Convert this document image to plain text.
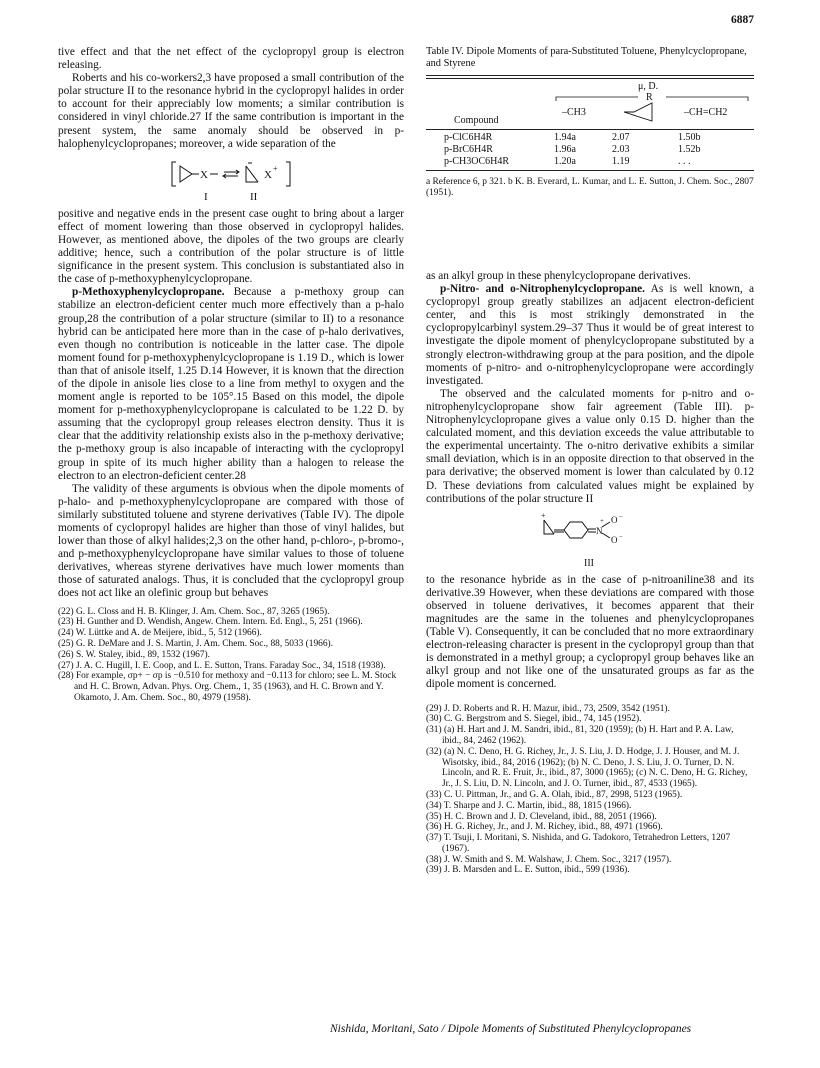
6887

tive effect and that the net effect of the cyclopropyl group is electron releasing.

Roberts and his co-workers2,3 have proposed a small contribution of the polar structure II to the resonance hybrid in the cyclopropyl halides in order to account for their appreciably low moments; a similar contribution is considered in vinyl chloride.27 If the same contribution is important in the present system, the same anomaly should be observed in p-halophenylcyclopropanes; moreover, a wide separation of the

X	X
+
I	II

positive and negative ends in the present case ought to bring about a larger effect of moment lowering than those observed in cyclopropyl halides. However, as mentioned above, the dipoles of the two groups are clearly additive; hence, such a contribution of the polar structure is of little significance in the present system. This conclusion is substantiated also in the case of p-methoxyphenylcyclopropane.

p-Methoxyphenylcyclopropane. Because a p-methoxy group can stabilize an electron-deficient center much more effectively than a p-halo group,28 the contribution of a polar structure (similar to II) to a resonance hybrid can be anticipated here more than in the case of p-halo derivatives, even though no contribution is noticeable in the latter case. The dipole moment found for p-methoxyphenylcyclopropane is 1.19 D., which is lower than that of anisole itself, 1.25 D.14 However, it is known that the direction of the dipole in anisole lies close to a line from methyl to oxygen and the moment angle is reported to be 105°.15 Based on this model, the dipole moment for p-methoxyphenylcyclopropane is calculated to be 1.22 D. by assuming that the cyclopropyl group releases electron density. Thus it is clear that the additivity relationship exists also in the p-methoxy derivative; the p-methoxy group is also incapable of interacting with the cyclopropyl group in spite of its much higher ability than a halogen to release the electron to an electron-deficient center.28

The validity of these arguments is obvious when the dipole moments of p-halo- and p-methoxyphenylcyclopropane are compared with those of similarly substituted toluene and styrene derivatives (Table IV). The dipole moments of cyclopropyl halides are higher than those of vinyl halides, but lower than those of alkyl halides;2,3 on the other hand, p-chloro-, p-bromo-, and p-methoxyphenylcyclopropane have similar values to those of toluene derivatives, whereas styrene derivatives have much lower moments than those of saturated analogs. Thus, it is concluded that the cyclopropyl group does not act like an olefinic group but behaves

(22) G. L. Closs and H. B. Klinger, J. Am. Chem. Soc., 87, 3265 (1965).

(23) H. Gunther and D. Wendish, Angew. Chem. Intern. Ed. Engl., 5, 251 (1966).

(24) W. Lüttke and A. de Meijere, ibid., 5, 512 (1966).

(25) G. R. DeMare and J. S. Martin, J. Am. Chem. Soc., 88, 5033 (1966).

(26) S. W. Staley, ibid., 89, 1532 (1967).

(27) J. A. C. Hugill, I. E. Coop, and L. E. Sutton, Trans. Faraday Soc., 34, 1518 (1938).

(28) For example, σp+ − σp is −0.510 for methoxy and −0.113 for chloro; see L. M. Stock and H. C. Brown, Advan. Phys. Org. Chem., 1, 35 (1963), and H. C. Brown and Y. Okamoto, J. Am. Chem. Soc., 80, 4979 (1958).

Table IV. Dipole Moments of para-Substituted Toluene, Phenylcyclopropane, and Styrene
μ, D.
R
–CH3	–CH=CH2
Compound
p-ClC6H4R	1.94a	2.07	1.50b
p-BrC6H4R	1.96a	2.03	1.52b
p-CH3OC6H4R	1.20a	1.19	. . .
a Reference 6, p 321. b K. B. Everard, L. Kumar, and L. E. Sutton, J. Chem. Soc., 2807 (1951).

as an alkyl group in these phenylcyclopropane derivatives.

p-Nitro- and o-Nitrophenylcyclopropane. As is well known, a cyclopropyl group greatly stabilizes an adjacent electron-deficient center, and this is most strikingly demonstrated in the cyclopropylcarbinyl system.29–37 Thus it would be of great interest to investigate the dipole moment of phenylcyclopropane substituted by a strongly electron-withdrawing group at the para position, and the dipole moments of p-nitro- and o-nitrophenylcyclopropane were accordingly investigated.

The observed and the calculated moments for p-nitro and o-nitrophenylcyclopropane show fair agreement (Table III). p-Nitrophenylcyclopropane gives a value only 0.15 D. higher than the calculated moment, and this deviation exceeds the value attributable to the experimental uncertainty. The o-nitro derivative exhibits a similar small deviation, which is in an opposite direction to that observed in the para derivative; the observed moment is lower than calculated by 0.12 D. These deviations from calculated values might be explained by contributions of the polar structure II

+
N
+ O −
O −
III

to the resonance hybride as in the case of p-nitroaniline38 and its derivative.39 However, when these deviations are compared with those observed in toluene derivatives, it becomes apparent that their magnitudes are the same in the toluenes and phenylcyclopropanes (Table V). Consequently, it can be concluded that no more extraordinary electron-releasing character is present in the cyclopropyl group than that is demonstrated in a methyl group; a cyclopropyl group behaves like an alkyl group and not like one of the unsaturated groups as far as the dipole moment is concerned.

(29) J. D. Roberts and R. H. Mazur, ibid., 73, 2509, 3542 (1951).

(30) C. G. Bergstrom and S. Siegel, ibid., 74, 145 (1952).

(31) (a) H. Hart and J. M. Sandri, ibid., 81, 320 (1959); (b) H. Hart and P. A. Law, ibid., 84, 2462 (1962).

(32) (a) N. C. Deno, H. G. Richey, Jr., J. S. Liu, J. D. Hodge, J. J. Houser, and M. J. Wisotsky, ibid., 84, 2016 (1962); (b) N. C. Deno, J. S. Liu, J. O. Turner, D. N. Lincoln, and R. E. Fruit, Jr., ibid., 87, 3000 (1965); (c) N. C. Deno, H. G. Richey, Jr., J. S. Liu, D. N. Lincoln, and J. O. Turner, ibid., 87, 4533 (1965).

(33) C. U. Pittman, Jr., and G. A. Olah, ibid., 87, 2998, 5123 (1965).

(34) T. Sharpe and J. C. Martin, ibid., 88, 1815 (1966).

(35) H. C. Brown and J. D. Cleveland, ibid., 88, 2051 (1966).

(36) H. G. Richey, Jr., and J. M. Richey, ibid., 88, 4971 (1966).

(37) T. Tsuji, I. Moritani, S. Nishida, and G. Tadokoro, Tetrahedron Letters, 1207 (1967).

(38) J. W. Smith and S. M. Walshaw, J. Chem. Soc., 3217 (1957).

(39) J. B. Marsden and L. E. Sutton, ibid., 599 (1936).

Nishida, Moritani, Sato / Dipole Moments of Substituted Phenylcyclopropanes
